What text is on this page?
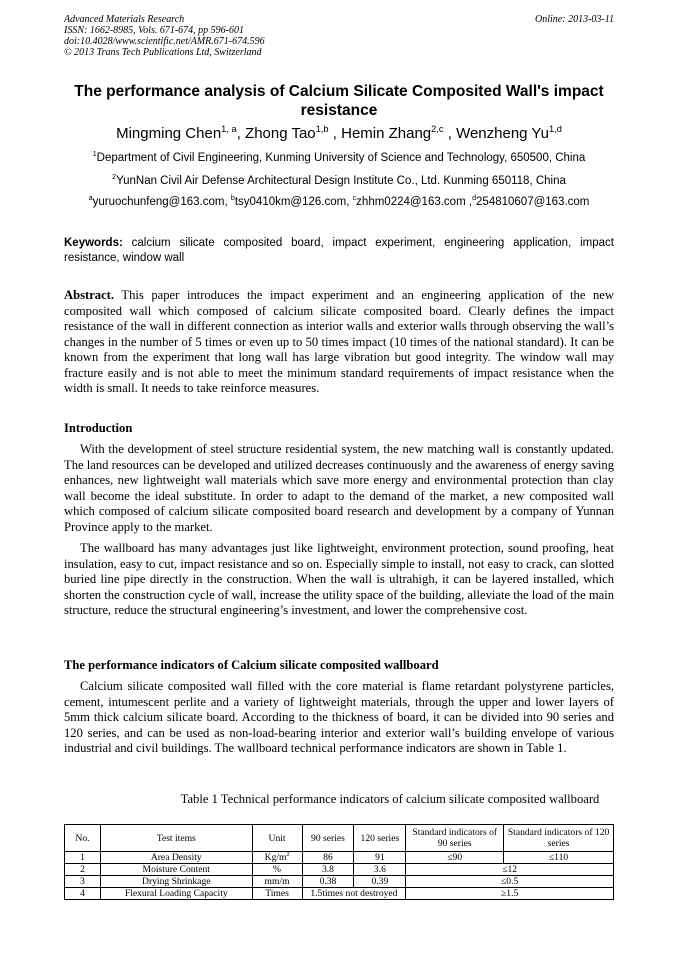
Advanced Materials Research
ISSN: 1662-8985, Vols. 671-674, pp 596-601
doi:10.4028/www.scientific.net/AMR.671-674.596
© 2013 Trans Tech Publications Ltd, Switzerland
Online: 2013-03-11
The performance analysis of Calcium Silicate Composited Wall's impact resistance
Mingming Chen$^{1, a}$, Zhong Tao$^{1,b}$ , Hemin Zhang$^{2,c}$ , Wenzheng Yu$^{1,d}$
$^1$Department of Civil Engineering, Kunming University of Science and Technology, 650500, China
$^2$YunNan Civil Air Defense Architectural Design Institute Co., Ltd. Kunming 650118, China
$^a$yuruochunfeng@163.com, $^b$tsy0410km@126.com, $^c$zhhm0224@163.com ,$^d$254810607@163.com
Keywords: calcium silicate composited board, impact experiment, engineering application, impact resistance, window wall
Abstract. This paper introduces the impact experiment and an engineering application of the new composited wall which composed of calcium silicate composited board. Clearly defines the impact resistance of the wall in different connection as interior walls and exterior walls through observing the wall’s changes in the number of 5 times or even up to 50 times impact (10 times of the national standard). It can be known from the experiment that long wall has large vibration but good integrity. The window wall may fracture easily and is not able to meet the minimum standard requirements of impact resistance when the width is small. It needs to take reinforce measures.
Introduction
With the development of steel structure residential system, the new matching wall is constantly updated. The land resources can be developed and utilized decreases continuously and the awareness of energy saving enhances, new lightweight wall materials which save more energy and environmental protection than clay wall become the ideal substitute. In order to adapt to the demand of the market, a new composited wall which composed of calcium silicate composited board research and development by a company of Yunnan Province apply to the market.
The wallboard has many advantages just like lightweight, environment protection, sound proofing, heat insulation, easy to cut, impact resistance and so on. Especially simple to install, not easy to crack, can slotted buried line pipe directly in the construction. When the wall is ultrahigh, it can be layered installed, which shorten the construction cycle of wall, increase the utility space of the building, alleviate the load of the main structure, reduce the structural engineering’s investment, and lower the comprehensive cost.
The performance indicators of Calcium silicate composited wallboard
Calcium silicate composited wall filled with the core material is flame retardant polystyrene particles, cement, intumescent perlite and a variety of lightweight materials, through the upper and lower layers of 5mm thick calcium silicate board. According to the thickness of board, it can be divided into 90 series and 120 series, and can be used as non-load-bearing interior and exterior wall’s building envelope of various industrial and civil buildings. The wallboard technical performance indicators are shown in Table 1.
Table 1 Technical performance indicators of calcium silicate composited wallboard
No.	Test items	Unit	90 series	120 series	Standard indicators of 90 series	Standard indicators of 120 series
1	Area Density	$Kg/m^2$	86	91	≤90	≤110
2	Moisture Content	%	3.8	3.6	≤12	
3	Drying Shrinkage	mm/m	0.38	0.39	≤0.5	
4	Flexural Loading Capacity	Times	1.5times not destroyed		≥1.5	
